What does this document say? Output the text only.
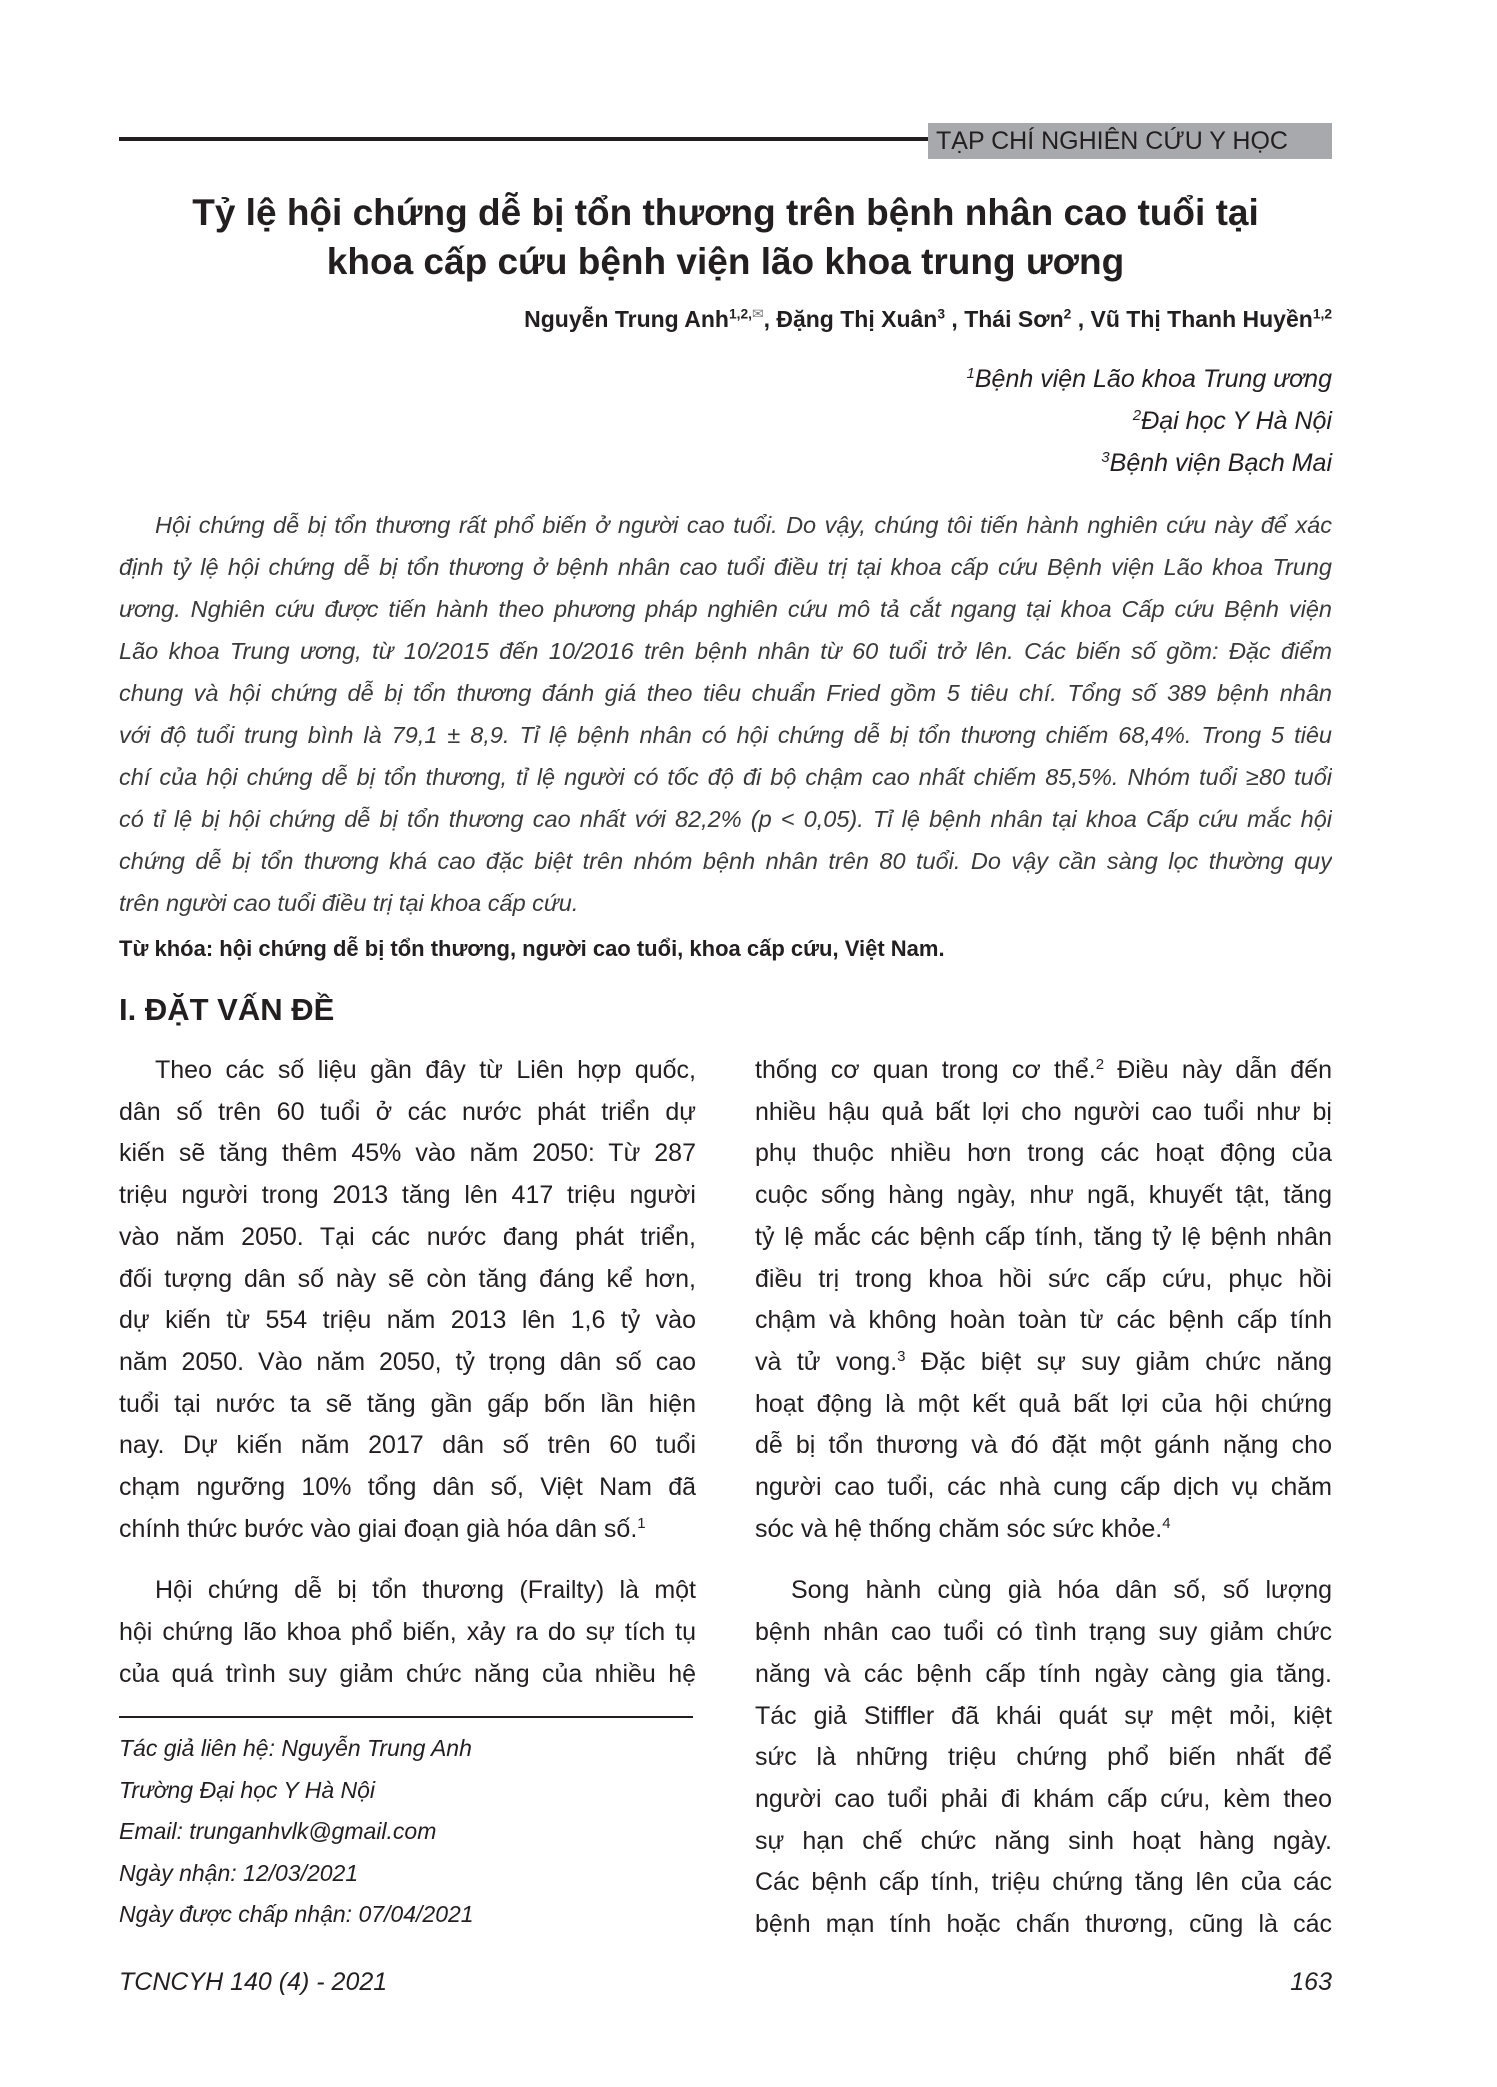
TẠP CHÍ NGHIÊN CỨU Y HỌC
Tỷ lệ hội chứng dễ bị tổn thương trên bệnh nhân cao tuổi tại
khoa cấp cứu bệnh viện lão khoa trung ương
Nguyễn Trung Anh$^{1,2,✉}$, Đặng Thị Xuân$^3$ , Thái Sơn$^2$ , Vũ Thị Thanh Huyền$^{1,2}$
$^1$Bệnh viện Lão khoa Trung ương
$^2$Đại học Y Hà Nội
$^3$Bệnh viện Bạch Mai
Hội chứng dễ bị tổn thương rất phổ biến ở người cao tuổi. Do vậy, chúng tôi tiến hành nghiên cứu này để xác
định tỷ lệ hội chứng dễ bị tổn thương ở bệnh nhân cao tuổi điều trị tại khoa cấp cứu Bệnh viện Lão khoa Trung
ương. Nghiên cứu được tiến hành theo phương pháp nghiên cứu mô tả cắt ngang tại khoa Cấp cứu Bệnh viện
Lão khoa Trung ương, từ 10/2015 đến 10/2016 trên bệnh nhân từ 60 tuổi trở lên. Các biến số gồm: Đặc điểm
chung và hội chứng dễ bị tổn thương đánh giá theo tiêu chuẩn Fried gồm 5 tiêu chí. Tổng số 389 bệnh nhân
với độ tuổi trung bình là 79,1 ± 8,9. Tỉ lệ bệnh nhân có hội chứng dễ bị tổn thương chiếm 68,4%. Trong 5 tiêu
chí của hội chứng dễ bị tổn thương, tỉ lệ người có tốc độ đi bộ chậm cao nhất chiếm 85,5%. Nhóm tuổi ≥80 tuổi
có tỉ lệ bị hội chứng dễ bị tổn thương cao nhất với 82,2% (p < 0,05). Tỉ lệ bệnh nhân tại khoa Cấp cứu mắc hội
chứng dễ bị tổn thương khá cao đặc biệt trên nhóm bệnh nhân trên 80 tuổi. Do vậy cần sàng lọc thường quy
trên người cao tuổi điều trị tại khoa cấp cứu.
Từ khóa: hội chứng dễ bị tổn thương, người cao tuổi, khoa cấp cứu, Việt Nam.
I. ĐẶT VẤN ĐỀ
Theo các số liệu gần đây từ Liên hợp quốc,
dân số trên 60 tuổi ở các nước phát triển dự
kiến sẽ tăng thêm 45% vào năm 2050: Từ 287
triệu người trong 2013 tăng lên 417 triệu người
vào năm 2050. Tại các nước đang phát triển,
đối tượng dân số này sẽ còn tăng đáng kể hơn,
dự kiến từ 554 triệu năm 2013 lên 1,6 tỷ vào
năm 2050. Vào năm 2050, tỷ trọng dân số cao
tuổi tại nước ta sẽ tăng gần gấp bốn lần hiện
nay. Dự kiến năm 2017 dân số trên 60 tuổi
chạm ngưỡng 10% tổng dân số, Việt Nam đã
chính thức bước vào giai đoạn già hóa dân số.$^1$
Hội chứng dễ bị tổn thương (Frailty) là một
hội chứng lão khoa phổ biến, xảy ra do sự tích tụ
của quá trình suy giảm chức năng của nhiều hệ
thống cơ quan trong cơ thể.$^2$ Điều này dẫn đến
nhiều hậu quả bất lợi cho người cao tuổi như bị
phụ thuộc nhiều hơn trong các hoạt động của
cuộc sống hàng ngày, như ngã, khuyết tật, tăng
tỷ lệ mắc các bệnh cấp tính, tăng tỷ lệ bệnh nhân
điều trị trong khoa hồi sức cấp cứu, phục hồi
chậm và không hoàn toàn từ các bệnh cấp tính
và tử vong.$^3$ Đặc biệt sự suy giảm chức năng
hoạt động là một kết quả bất lợi của hội chứng
dễ bị tổn thương và đó đặt một gánh nặng cho
người cao tuổi, các nhà cung cấp dịch vụ chăm
sóc và hệ thống chăm sóc sức khỏe.$^4$
Song hành cùng già hóa dân số, số lượng
bệnh nhân cao tuổi có tình trạng suy giảm chức
năng và các bệnh cấp tính ngày càng gia tăng.
Tác giả Stiffler đã khái quát sự mệt mỏi, kiệt
sức là những triệu chứng phổ biến nhất để
người cao tuổi phải đi khám cấp cứu, kèm theo
sự hạn chế chức năng sinh hoạt hàng ngày.
Các bệnh cấp tính, triệu chứng tăng lên của các
bệnh mạn tính hoặc chấn thương, cũng là các
Tác giả liên hệ: Nguyễn Trung Anh
Trường Đại học Y Hà Nội
Email: trunganhvlk@gmail.com
Ngày nhận: 12/03/2021
Ngày được chấp nhận: 07/04/2021
TCNCYH 140 (4) - 2021	163
